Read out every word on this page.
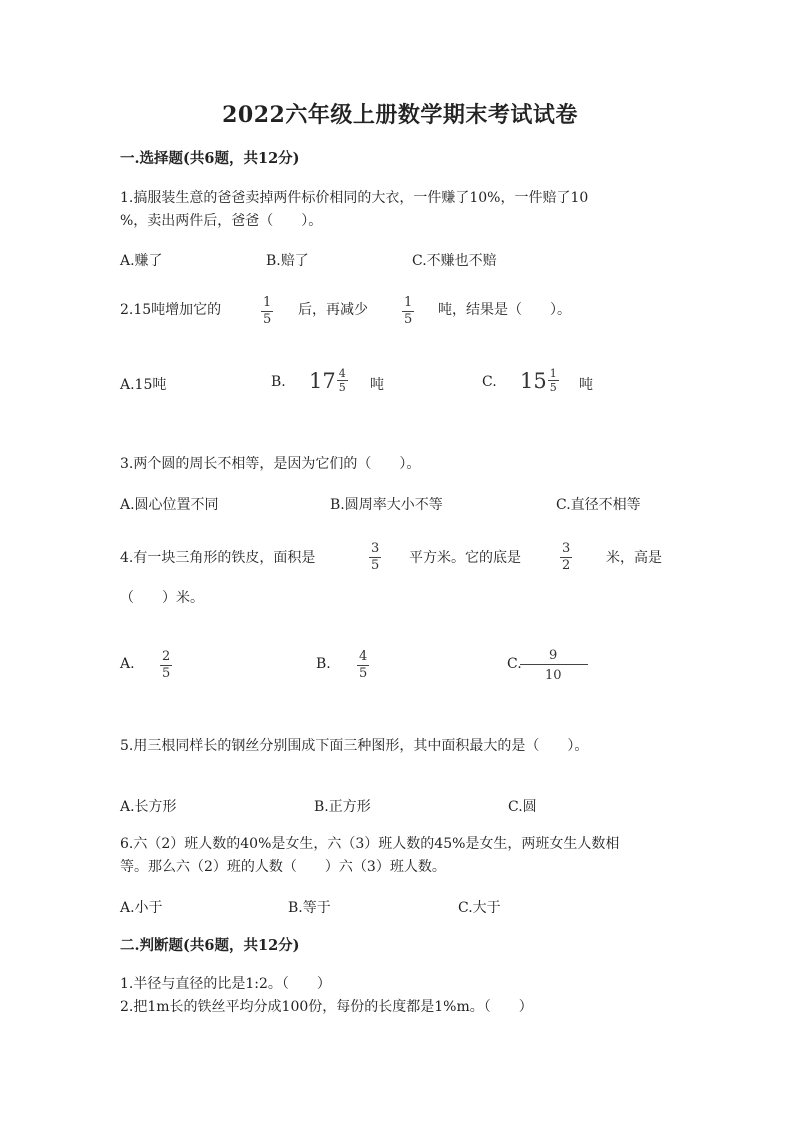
2022六年级上册数学期末考试试卷
一.选择题(共6题，共12分)
1.搞服装生意的爸爸卖掉两件标价相同的大衣，一件赚了10%，一件赔了10
%，卖出两件后，爸爸（　　）。
A.赚了	B.赔了	C.不赚也不赔
2.15吨增加它的	1
5
后，再减少	1
5
吨，结果是（　　）。
A.15吨	B. $17 \frac{4}{5}$ 吨	C. $15 \frac{1}{5}$ 吨
3.两个圆的周长不相等，是因为它们的（　　）。
A.圆心位置不同	B.圆周率大小不等	C.直径不相等
4.有一块三角形的铁皮，面积是
3
5 平方米。它的底是
3
2	米，高是
（　　）米。
A. 2
5
B. 4
5
C.
9
10
5.用三根同样长的钢丝分别围成下面三种图形，其中面积最大的是（　　）。
A.长方形	B.正方形	C.圆
6.六（2）班人数的40%是女生，六（3）班人数的45%是女生，两班女生人数相
等。那么六（2）班的人数（　　）六（3）班人数。
A.小于	B.等于	C.大于
二.判断题(共6题，共12分)
1.半径与直径的比是1:2。（　　）
2.把1m长的铁丝平均分成100份，每份的长度都是1%m。（　　）
